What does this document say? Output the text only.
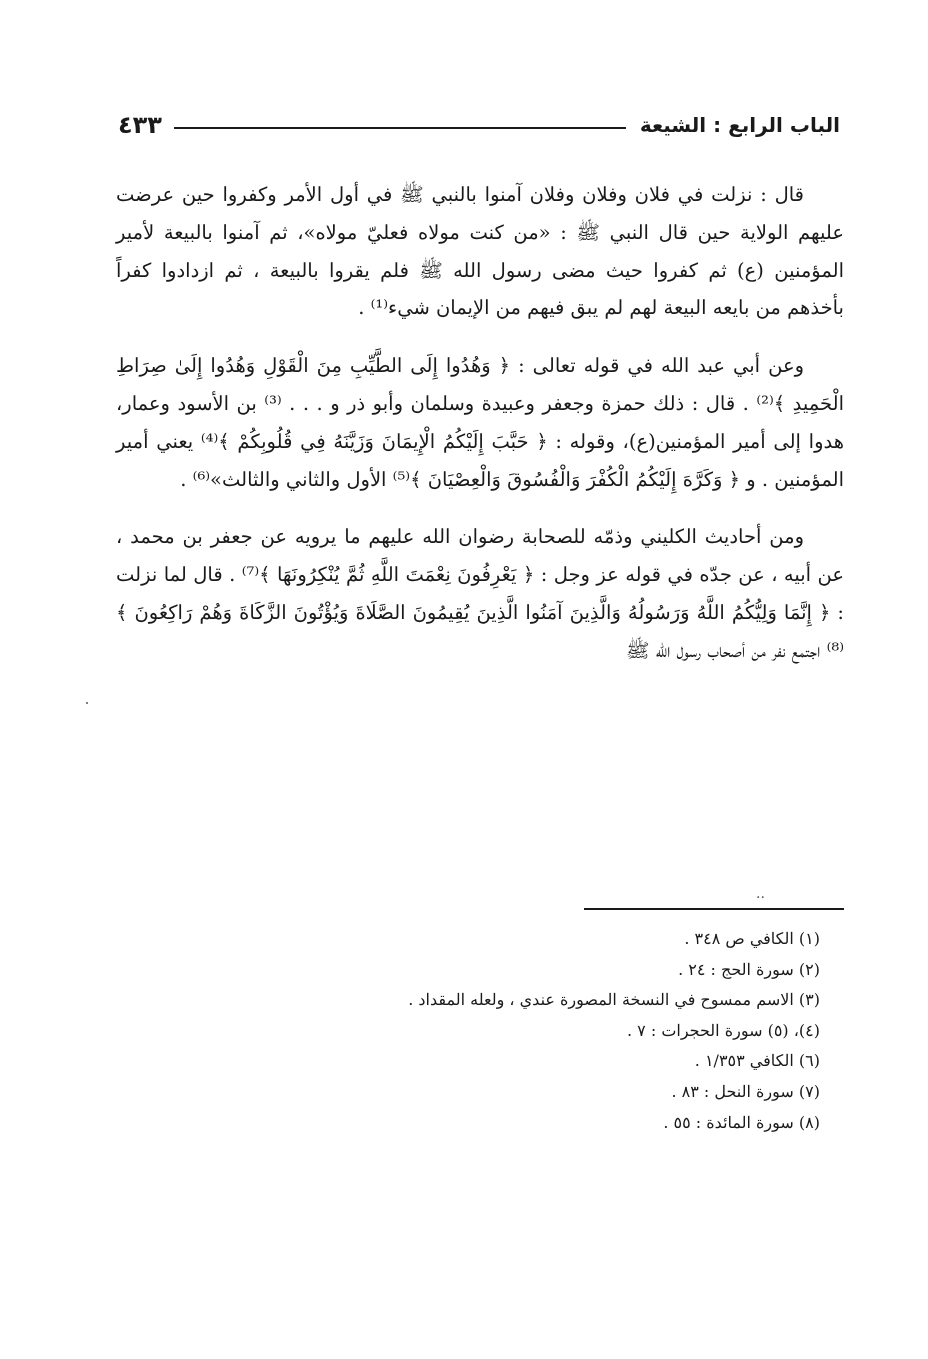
الباب الرابع : الشيعة
٤٣٣

قال : نزلت في فلان وفلان وفلان آمنوا بالنبي ﷺ في أول الأمر وكفروا حين عرضت عليهم الولاية حين قال النبي ﷺ : «من كنت مولاه فعليّ مولاه»، ثم آمنوا بالبيعة لأمير المؤمنين (ع) ثم كفروا حيث مضى رسول الله ﷺ فلم يقروا بالبيعة ، ثم ازدادوا كفراً بأخذهم من بايعه البيعة لهم لم يبق فيهم من الإيمان شيء⁽¹⁾ .

وعن أبي عبد الله في قوله تعالى : ﴿ وَهُدُوا إِلَى الطَّيِّبِ مِنَ الْقَوْلِ وَهُدُوا إِلَىٰ صِرَاطِ الْحَمِيدِ ﴾⁽²⁾ . قال : ذلك حمزة وجعفر وعبيدة وسلمان وأبو ذر و . . . ⁽³⁾ بن الأسود وعمار، هدوا إلى أمير المؤمنين(ع)، وقوله : ﴿ حَبَّبَ إِلَيْكُمُ الْإِيمَانَ وَزَيَّنَهُ فِي قُلُوبِكُمْ ﴾⁽⁴⁾ يعني أمير المؤمنين . و ﴿ وَكَرَّهَ إِلَيْكُمُ الْكُفْرَ وَالْفُسُوقَ وَالْعِصْيَانَ ﴾⁽⁵⁾ الأول والثاني والثالث»⁽⁶⁾ .

ومن أحاديث الكليني وذمّه للصحابة رضوان الله عليهم ما يرويه عن جعفر بن محمد ، عن أبيه ، عن جدّه في قوله عز وجل : ﴿ يَعْرِفُونَ نِعْمَتَ اللَّهِ ثُمَّ يُنْكِرُونَهَا ﴾⁽⁷⁾ . قال لما نزلت : ﴿ إِنَّمَا وَلِيُّكُمُ اللَّهُ وَرَسُولُهُ وَالَّذِينَ آمَنُوا الَّذِينَ يُقِيمُونَ الصَّلَاةَ وَيُؤْتُونَ الزَّكَاةَ وَهُمْ رَاكِعُونَ ﴾⁽⁸⁾ اجتمع نفر من أصحاب رسول الله ﷺ

..
(١) الكافي ص ٣٤٨ .
(٢) سورة الحج : ٢٤ .
(٣) الاسم ممسوح في النسخة المصورة عندي ، ولعله المقداد .
(٤)، (٥) سورة الحجرات : ٧ .
(٦) الكافي ١/٣٥٣ .
(٧) سورة النحل : ٨٣ .
(٨) سورة المائدة : ٥٥ .
